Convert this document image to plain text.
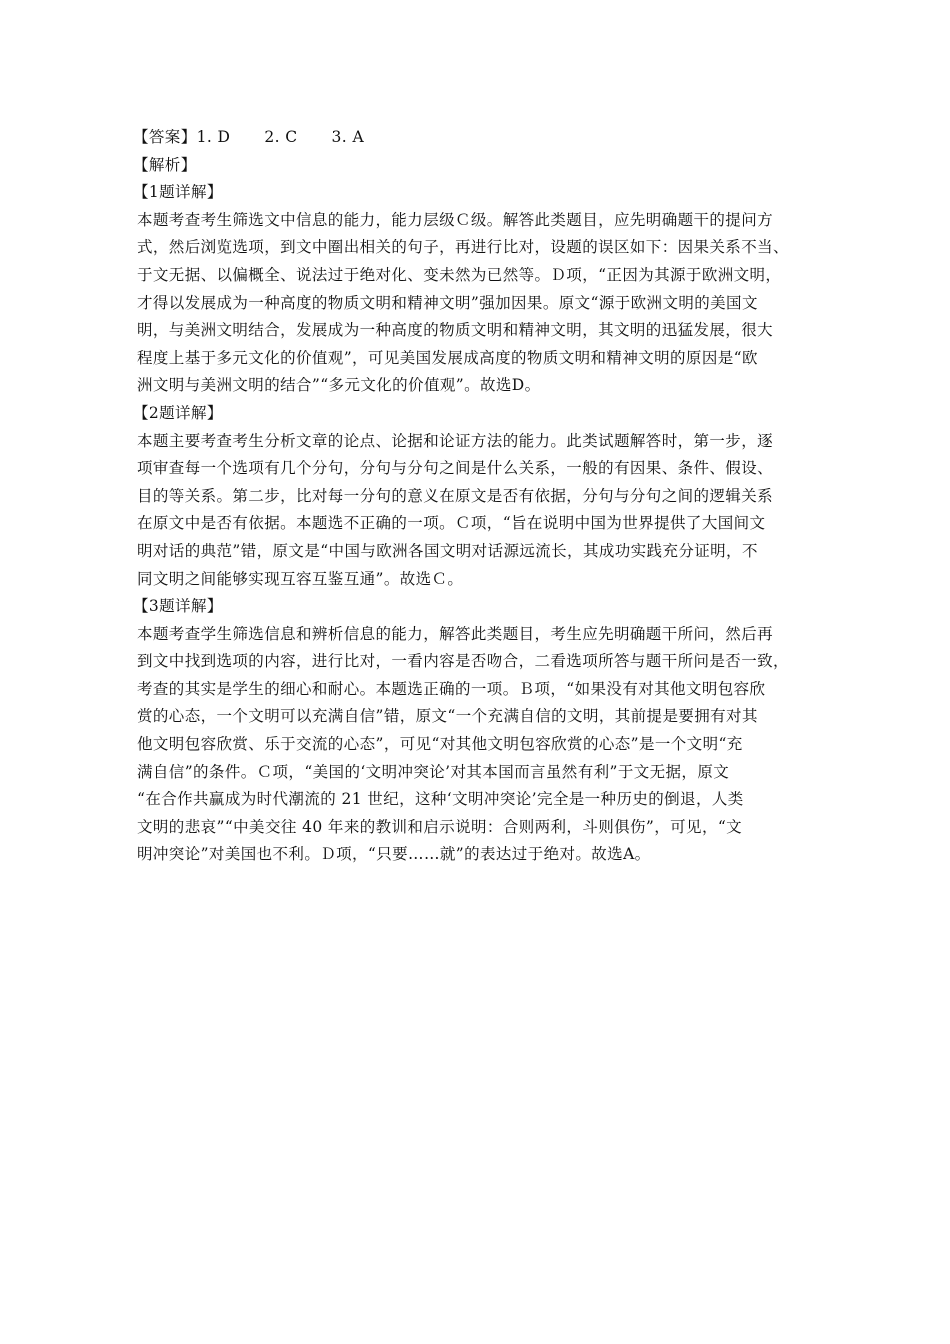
【答案】1. D 2. C 3. A
【解析】
【1题详解】
本题考查考生筛选文中信息的能力，能力层级Ｃ级。解答此类题目，应先明确题干的提问方
式，然后浏览选项，到文中圈出相关的句子，再进行比对，设题的误区如下：因果关系不当、
于文无据、以偏概全、说法过于绝对化、变未然为已然等。Ｄ项，“正因为其源于欧洲文明，
才得以发展成为一种高度的物质文明和精神文明”强加因果。原文“源于欧洲文明的美国文
明，与美洲文明结合，发展成为一种高度的物质文明和精神文明，其文明的迅猛发展，很大
程度上基于多元文化的价值观”，可见美国发展成高度的物质文明和精神文明的原因是“欧
洲文明与美洲文明的结合”“多元文化的价值观”。故选D。
【2题详解】
本题主要考查考生分析文章的论点、论据和论证方法的能力。此类试题解答时，第一步，逐
项审查每一个选项有几个分句，分句与分句之间是什么关系，一般的有因果、条件、假设、
目的等关系。第二步，比对每一分句的意义在原文是否有依据，分句与分句之间的逻辑关系
在原文中是否有依据。本题选不正确的一项。Ｃ项，“旨在说明中国为世界提供了大国间文
明对话的典范”错，原文是“中国与欧洲各国文明对话源远流长，其成功实践充分证明，不
同文明之间能够实现互容互鉴互通”。故选Ｃ。
【3题详解】
本题考查学生筛选信息和辨析信息的能力，解答此类题目，考生应先明确题干所问，然后再
到文中找到选项的内容，进行比对，一看内容是否吻合，二看选项所答与题干所问是否一致，
考查的其实是学生的细心和耐心。本题选正确的一项。Ｂ项，“如果没有对其他文明包容欣
赏的心态，一个文明可以充满自信”错，原文“一个充满自信的文明，其前提是要拥有对其
他文明包容欣赏、乐于交流的心态”，可见“对其他文明包容欣赏的心态”是一个文明“充
满自信”的条件。Ｃ项，“美国的‘文明冲突论’对其本国而言虽然有利”于文无据，原文
“在合作共赢成为时代潮流的 21 世纪，这种‘文明冲突论’完全是一种历史的倒退，人类
文明的悲哀”“中美交往 40 年来的教训和启示说明：合则两利，斗则俱伤”，可见，“文
明冲突论”对美国也不利。Ｄ项，“只要……就”的表达过于绝对。故选A。
